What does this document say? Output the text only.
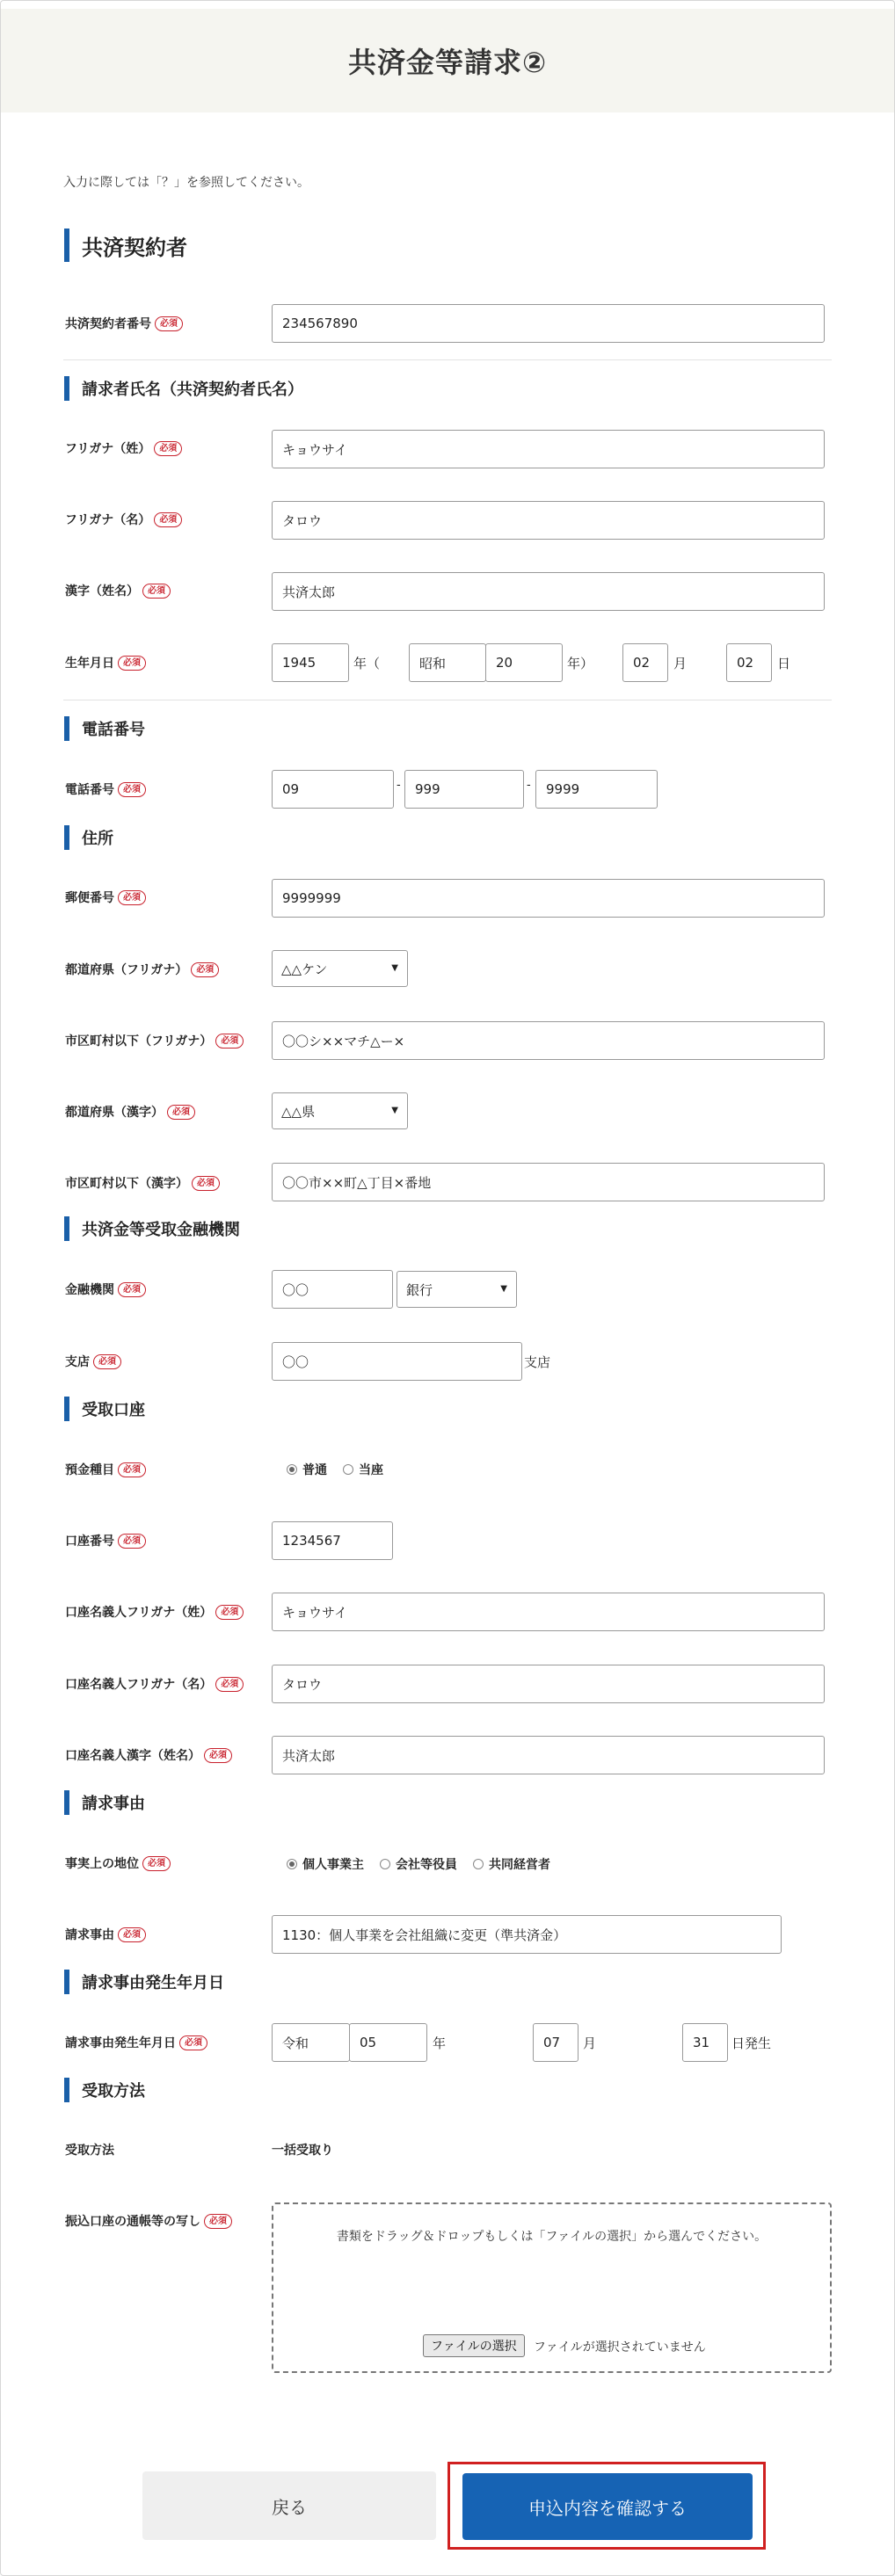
共済金等請求②
入力に際しては「？」を参照してください。
共済契約者
共済契約者番号	必須	234567890
請求者氏名（共済契約者氏名）
フリガナ（姓）	必須	キョウサイ
フリガナ（名）	必須	タロウ
漢字（姓名）	必須	共済太郎
生年月日	必須	1945	年（	昭和	20	年）	02	月	02	日
電話番号
電話番号	必須	09	-	999	-	9999
住所
郵便番号	必須	9999999
都道府県（フリガナ）	必須	△△ケン	▼
市区町村以下（フリガナ）	必須	〇〇シ××マチ△ー×
都道府県（漢字）	必須	△△県	▼
市区町村以下（漢字）	必須	〇〇市××町△丁目×番地
共済金等受取金融機関
金融機関	必須	〇〇	銀行	▼
支店	必須	〇〇	支店
受取口座
預金種目	必須	普通	当座
口座番号	必須	1234567
口座名義人フリガナ（姓）	必須	キョウサイ
口座名義人フリガナ（名）	必須	タロウ
口座名義人漢字（姓名）	必須	共済太郎
請求事由
事実上の地位	必須	個人事業主	会社等役員	共同経営者
請求事由	必須	1130：個人事業を会社組織に変更（準共済金）
請求事由発生年月日
請求事由発生年月日	必須	令和	05	年	07	月	31	日発生
受取方法
受取方法	一括受取り
振込口座の通帳等の写し	必須
書類をドラッグ＆ドロップもしくは「ファイルの選択」から選んでください。
ファイルの選択	ファイルが選択されていません
戻る	申込内容を確認する
